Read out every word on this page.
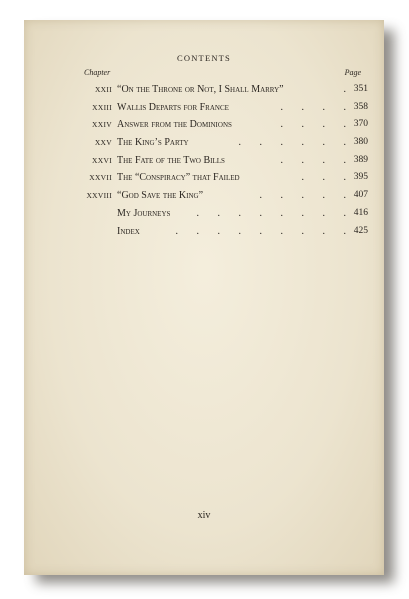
CONTENTS
Chapter	Page
XXII “On the Throne or Not, I Shall Marry”	. 351
XXIII Wallis Departs for France	. . . . 358
XXIV Answer from the Dominions	. . . . 370
XXV The King’s Party	. . . . . . 380
XXVI The Fate of the Two Bills	. . . . 389
XXVII The “Conspiracy” that Failed	. . . 395
XXVIII “God Save the King”	. . . . . 407
My Journeys	. . . . . . . . 416
Index	. . . . . . . . . 425
xiv
